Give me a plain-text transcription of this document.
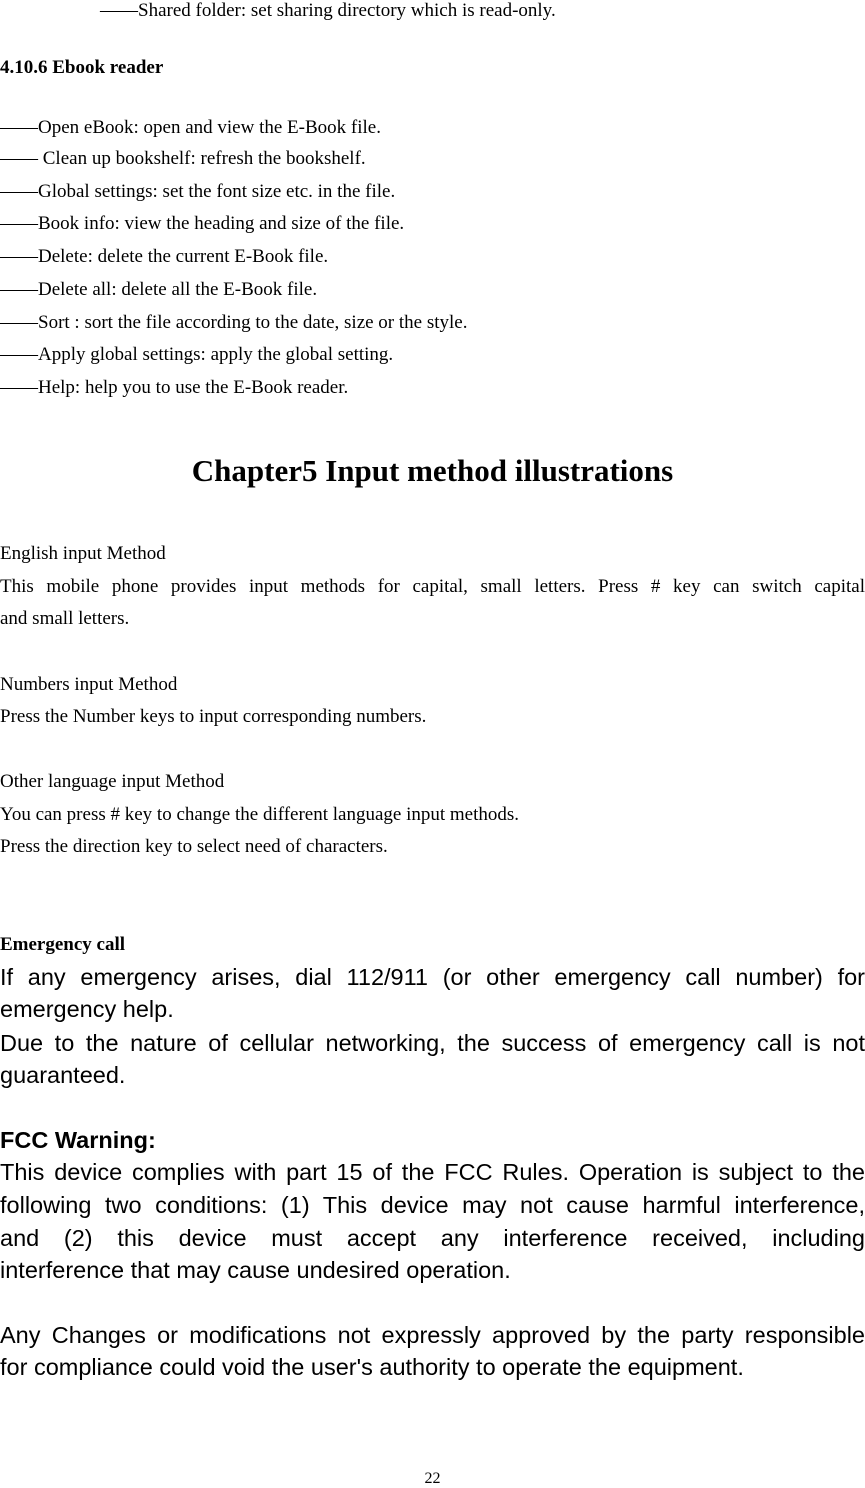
——Shared folder: set sharing directory which is read-only.
4.10.6 Ebook reader
——Open eBook: open and view the E-Book file.
—— Clean up bookshelf: refresh the bookshelf.
——Global settings: set the font size etc. in the file.
——Book info: view the heading and size of the file.
——Delete: delete the current E-Book file.
——Delete all: delete all the E-Book file.
——Sort : sort the file according to the date, size or the style.
——Apply global settings: apply the global setting.
——Help: help you to use the E-Book reader.
Chapter5 Input method illustrations
English input Method
This mobile phone provides input methods for capital, small letters. Press # key can switch capital
and small letters.
Numbers input Method
Press the Number keys to input corresponding numbers.
Other language input Method
You can press # key to change the different language input methods.
Press the direction key to select need of characters.
Emergency call
If any emergency arises, dial 112/911 (or other emergency call number) for
emergency help.
Due to the nature of cellular networking, the success of emergency call is not
guaranteed.
FCC Warning:
This device complies with part 15 of the FCC Rules. Operation is subject to the
following two conditions: (1) This device may not cause harmful interference,
and (2) this device must accept any interference received, including
interference that may cause undesired operation.
Any Changes or modifications not expressly approved by the party responsible
for compliance could void the user's authority to operate the equipment.
22
